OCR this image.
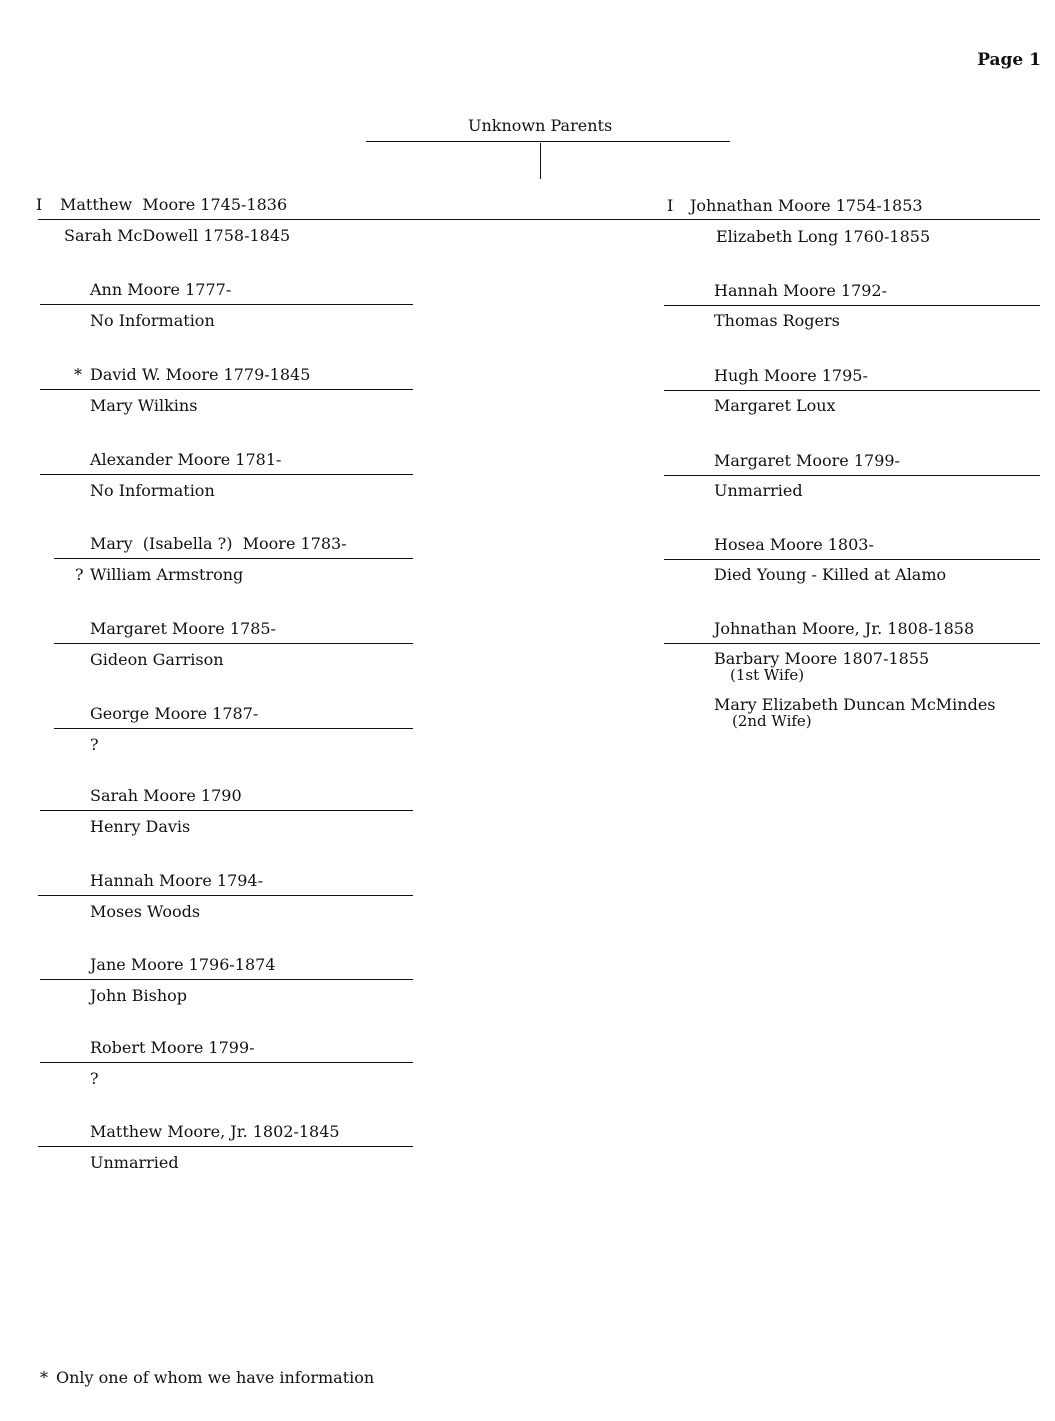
Page 1
Unknown Parents
I Matthew  Moore 1745-1836
Sarah McDowell 1758-1845
I Johnathan Moore 1754-1853
Elizabeth Long 1760-1855
Ann Moore 1777-
No Information
* David W. Moore 1779-1845
Mary Wilkins
Alexander Moore 1781-
No Information
Mary  (Isabella ?)  Moore 1783-
? William Armstrong
Margaret Moore 1785-
Gideon Garrison
George Moore 1787-
?
Sarah Moore 1790
Henry Davis
Hannah Moore 1794-
Moses Woods
Jane Moore 1796-1874
John Bishop
Robert Moore 1799-
?
Matthew Moore, Jr. 1802-1845
Unmarried
Hannah Moore 1792-
Thomas Rogers
Hugh Moore 1795-
Margaret Loux
Margaret Moore 1799-
Unmarried
Hosea Moore 1803-
Died Young - Killed at Alamo
Johnathan Moore, Jr. 1808-1858
Barbary Moore 1807-1855
(1st Wife)
Mary Elizabeth Duncan McMindes
(2nd Wife)
* Only one of whom we have information
